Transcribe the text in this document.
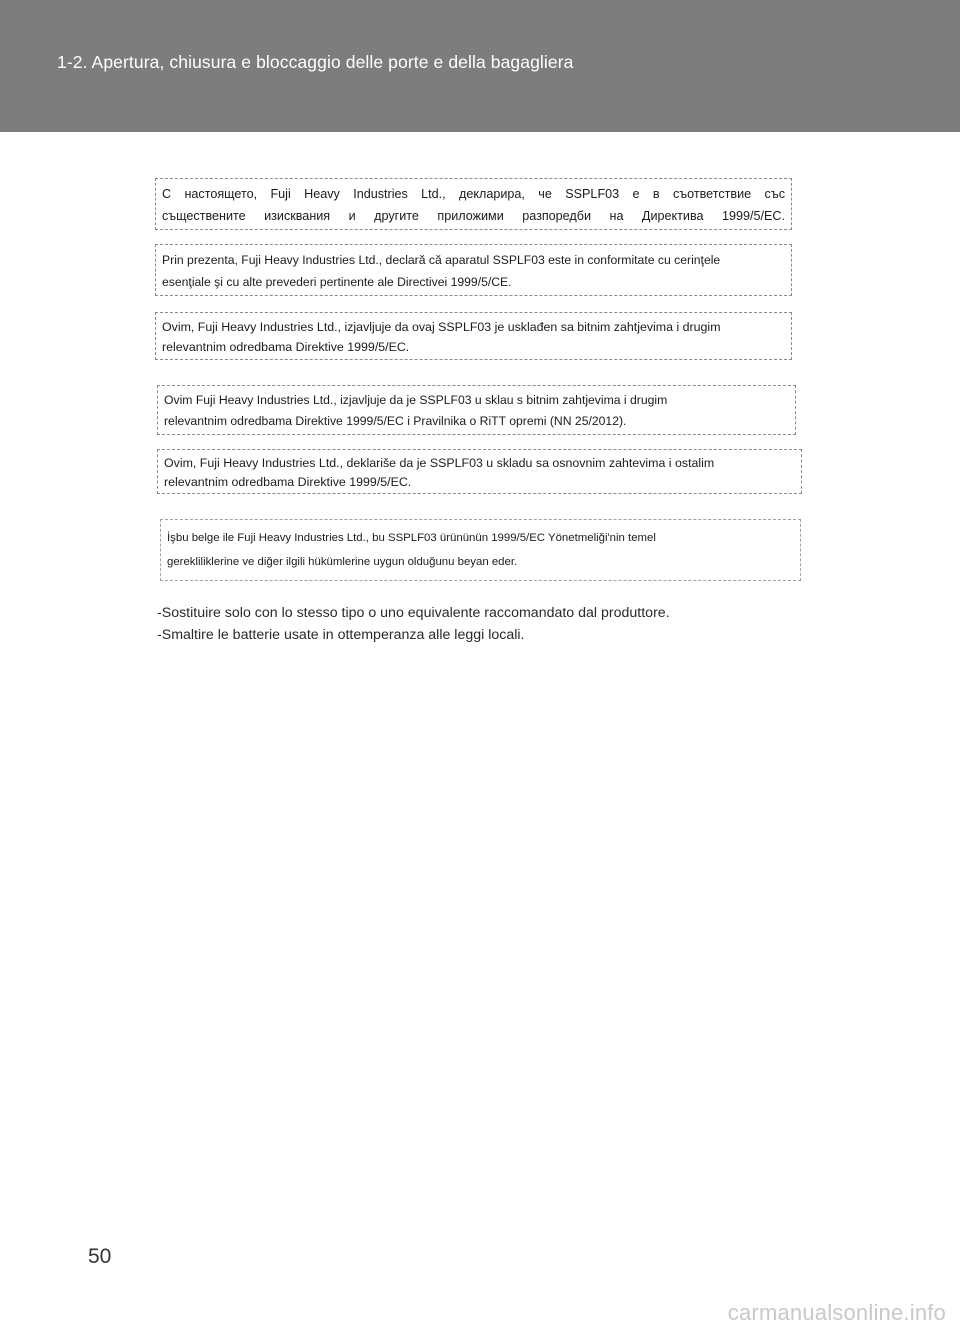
1-2. Apertura, chiusura e bloccaggio delle porte e della bagagliera
С настоящето, Fuji Heavy Industries Ltd., декларира, че SSPLF03 е в съответствие със
съществените изисквания и другите приложими разпоредби на Директива 1999/5/EC.
Prin prezenta, Fuji Heavy Industries Ltd., declară că aparatul SSPLF03 este in conformitate cu cerinţele
esenţiale şi cu alte prevederi pertinente ale Directivei 1999/5/CE.
Ovim, Fuji Heavy Industries Ltd., izjavljuje da ovaj SSPLF03 je usklađen sa bitnim zahtjevima i drugim
relevantnim odredbama Direktive 1999/5/EC.
Ovim Fuji Heavy Industries Ltd., izjavljuje da je SSPLF03 u sklau s bitnim zahtjevima i drugim
relevantnim odredbama Direktive 1999/5/EC i Pravilnika o RiTT opremi (NN 25/2012).
Ovim, Fuji Heavy Industries Ltd., deklariše da je SSPLF03 u skladu sa osnovnim zahtevima i ostalim
relevantnim odredbama Direktive 1999/5/EC.
İşbu belge ile Fuji Heavy Industries Ltd., bu SSPLF03 ürününün 1999/5/EC Yönetmeliği'nin temel
gerekliliklerine ve diğer ilgili hükümlerine uygun olduğunu beyan eder.
-Sostituire solo con lo stesso tipo o uno equivalente raccomandato dal produttore.
-Smaltire le batterie usate in ottemperanza alle leggi locali.
50
carmanualsonline.info
